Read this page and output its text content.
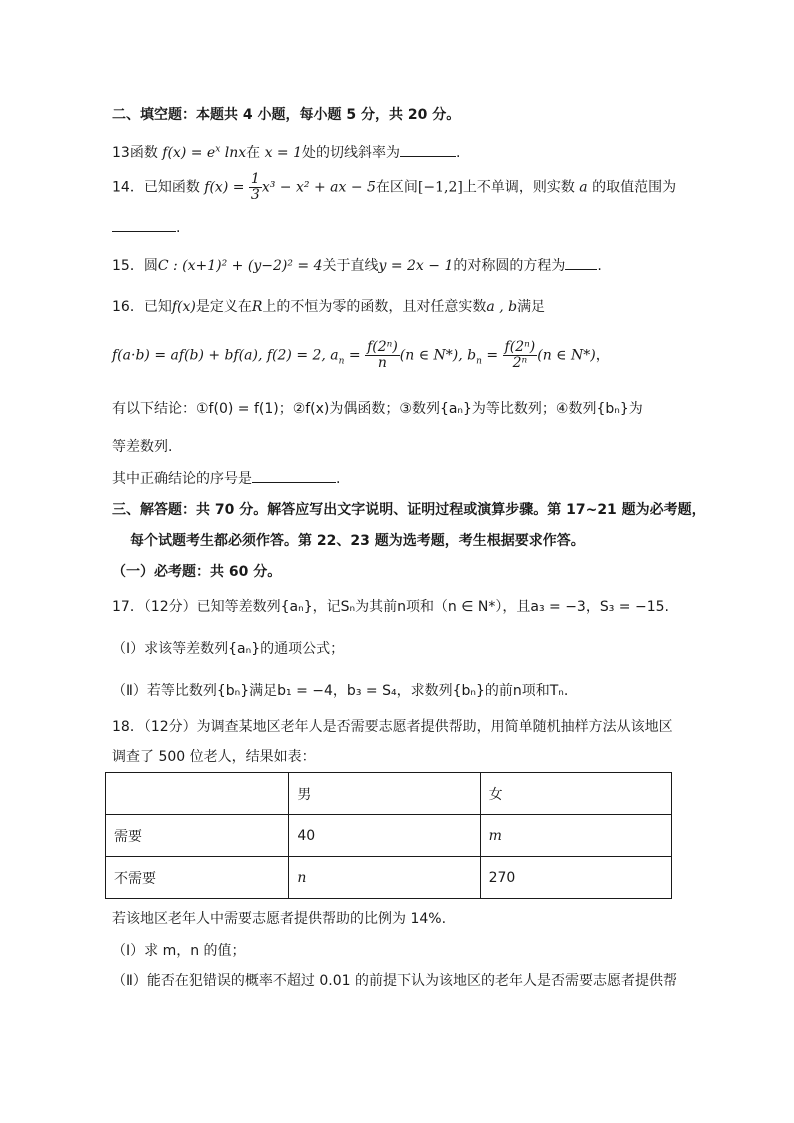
二、填空题：本题共 4 小题，每小题 5 分，共 20 分。
13函数 $f(x) = e^x$ lnx在 x = 1处的切线斜率为	.
14．已知函数 $f(x) = \frac{1}{3} x^3 - x^2$ + ax − 5在区间[−1,2]上不单调，则实数 a 的取值范围为
.
15．圆C : (x+1)² + (y−2)² = 4关于直线y = 2x − 1的对称圆的方程为 .
16．已知f(x)是定义在R上的不恒为零的函数，且对任意实数a , b满足
f(a·b) = af(b) + bf(a), f(2) = 2, $a_n = \frac{\text{f(2ⁿ)}}{n} (n$ ∈ N*), $b_n = \frac{\text{f(2ⁿ)}}{\text{2ⁿ}} (n$ ∈ N*)，
有以下结论：①f(0) = f(1)；②f(x)为偶函数；③数列{aₙ}为等比数列；④数列{bₙ}为
等差数列.
其中正确结论的序号是	.
三、解答题：共 70 分。解答应写出文字说明、证明过程或演算步骤。第 17~21 题为必考题，
每个试题考生都必须作答。第 22、23 题为选考题，考生根据要求作答。
（一）必考题：共 60 分。
17．（12分）已知等差数列{aₙ}，记Sₙ为其前n项和（n ∈ N*），且a₃ = −3，S₃ = −15.
（Ⅰ）求该等差数列{aₙ}的通项公式；
（Ⅱ）若等比数列{bₙ}满足b₁ = −4，b₃ = S₄，求数列{bₙ}的前n项和Tₙ.
18．（12分）为调查某地区老年人是否需要志愿者提供帮助，用简单随机抽样方法从该地区
调查了 500 位老人，结果如表：
	男	女
需要	40	m
不需要	n	270
若该地区老年人中需要志愿者提供帮助的比例为 14%.
（Ⅰ）求 m，n 的值；
（Ⅱ）能否在犯错误的概率不超过 0.01 的前提下认为该地区的老年人是否需要志愿者提供帮
